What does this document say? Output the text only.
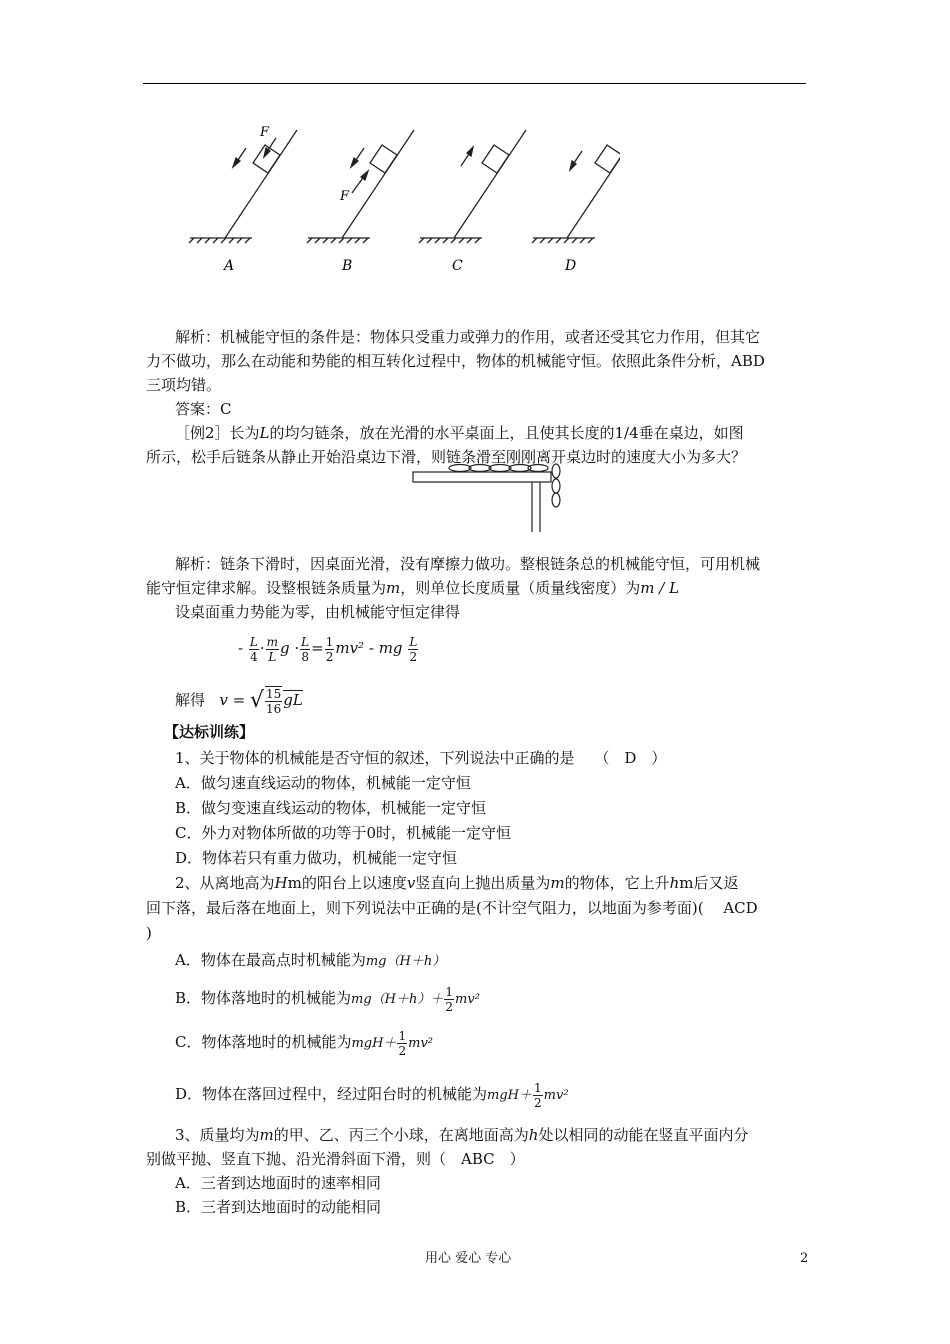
F
F
A	B	C	D
解析：机械能守恒的条件是：物体只受重力或弹力的作用，或者还受其它力作用，但其它
力不做功，那么在动能和势能的相互转化过程中，物体的机械能守恒。依照此条件分析，ABD
三项均错。
答案：C
［例2］长为L的均匀链条，放在光滑的水平桌面上，且使其长度的1/4垂在桌边，如图
所示，松手后链条从静止开始沿桌边下滑，则链条滑至刚刚离开桌边时的速度大小为多大？
解析：链条下滑时，因桌面光滑，没有摩擦力做功。整根链条总的机械能守恒，可用机械
能守恒定律求解。设整根链条质量为m，则单位长度质量（质量线密度）为m / L
设桌面重力势能为零，由机械能守恒定律得
- $\frac{L}{4} \cdot \frac{m}{L}$ $g \cdot \frac{L}{8} = \frac{1}{2} mv^2$ - mg $\frac{L}{2}$
解得 v = √ $\frac{15}{16}$ gL
【达标训练】
1、关于物体的机械能是否守恒的叙述，下列说法中正确的是　 （　D　）
A．做匀速直线运动的物体，机械能一定守恒
B．做匀变速直线运动的物体，机械能一定守恒
C．外力对物体所做的功等于0时，机械能一定守恒
D．物体若只有重力做功，机械能一定守恒
2、从离地高为Hm的阳台上以速度v竖直向上抛出质量为m的物体，它上升hm后又返
回下落，最后落在地面上，则下列说法中正确的是(不计空气阻力，以地面为参考面)(　 ACD
)
A．物体在最高点时机械能为mg（H＋h）
B．物体落地时的机械能为$mg(H+h)+ \frac{1}{2} mv^2$
C．物体落地时的机械能为$mgH+ \frac{1}{2} mv^2$
D．物体在落回过程中，经过阳台时的机械能为$mgH+ \frac{1}{2} mv^2$
3、质量均为m的甲、乙、丙三个小球，在离地面高为h处以相同的动能在竖直平面内分
别做平抛、竖直下抛、沿光滑斜面下滑，则（　ABC　）
A．三者到达地面时的速率相同
B．三者到达地面时的动能相同
用心 爱心 专心	2
